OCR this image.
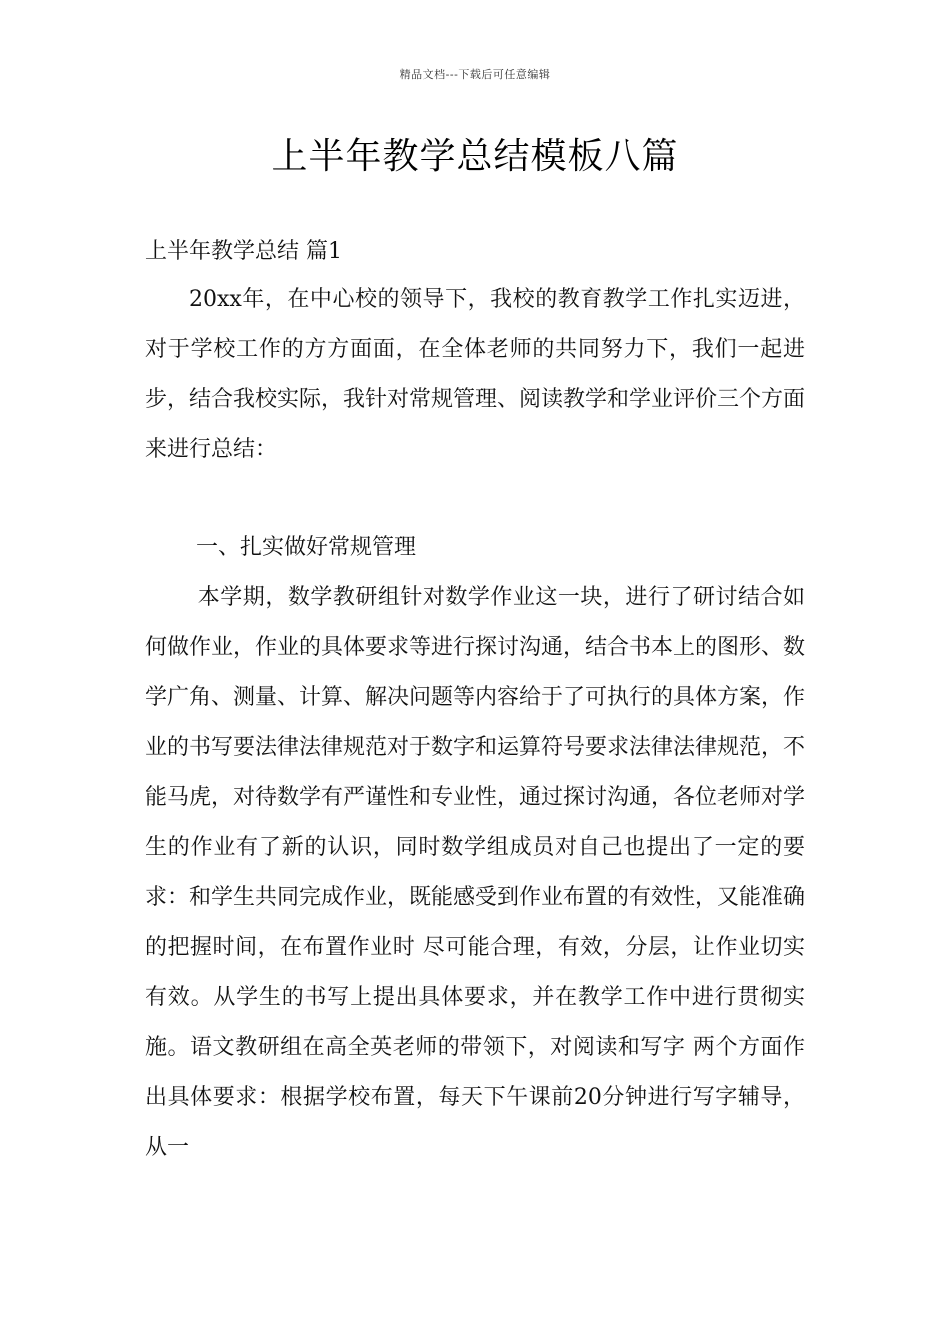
精品文档---下载后可任意编辑
上半年教学总结模板八篇
上半年教学总结 篇1

20xx年，在中心校的领导下，我校的教育教学工作扎实迈进，对于学校工作的方方面面，在全体老师的共同努力下，我们一起进步，结合我校实际，我针对常规管理、阅读教学和学业评价三个方面来进行总结：

一、扎实做好常规管理

本学期，数学教研组针对数学作业这一块，进行了研讨结合如何做作业，作业的具体要求等进行探讨沟通，结合书本上的图形、数学广角、测量、计算、解决问题等内容给于了可执行的具体方案，作业的书写要法律法律规范对于数字和运算符号要求法律法律规范，不能马虎，对待数学有严谨性和专业性，通过探讨沟通，各位老师对学生的作业有了新的认识，同时数学组成员对自己也提出了一定的要求：和学生共同完成作业，既能感受到作业布置的有效性，又能准确的把握时间，在布置作业时 尽可能合理，有效，分层，让作业切实有效。从学生的书写上提出具体要求，并在教学工作中进行贯彻实施。语文教研组在高全英老师的带领下，对阅读和写字 两个方面作出具体要求：根据学校布置，每天下午课前20分钟进行写字辅导，从一
